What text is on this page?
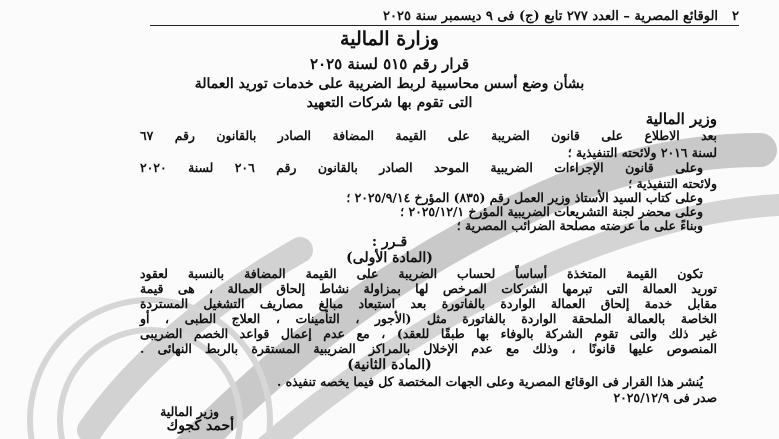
٢
الوقائع المصرية – العدد ٢٧٧ تابع (ج) فى ٩ ديسمبر سنة ٢٠٢٥
وزارة المالية
قرار رقم ٥١٥ لسنة ٢٠٢٥
بشأن وضع أسس محاسبية لربط الضريبة على خدمات توريد العمالة
التى تقوم بها شركات التعهيد
وزير المالية
بعد الاطلاع على قانون الضريبة على القيمة المضافة الصادر بالقانون رقم ٦٧
لسنة ٢٠١٦ ولائحته التنفيذية ؛
وعلى قانون الإجراءات الضريبية الموحد الصادر بالقانون رقم ٢٠٦ لسنة ٢٠٢٠
ولائحته التنفيذية ؛
وعلى كتاب السيد الأستاذ وزير العمل رقم (٨٣٥) المؤرخ ٢٠٢٥/٩/١٤ ؛
وعلى محضر لجنة التشريعات الضريبية المؤرخ ٢٠٢٥/١٢/١ ؛
وبناءً على ما عرضته مصلحة الضرائب المصرية ؛
قـرر :
(المادة الأولى)
تكون القيمة المتخذة أساساً لحساب الضريبة على القيمة المضافة بالنسبة لعقود
توريد العمالة التى تبرمها الشركات المرخص لها بمزاولة نشاط إلحاق العمالة ، هى قيمة
مقابل خدمة إلحاق العمالة الواردة بالفاتورة بعد استبعاد مبالغ مصاريف التشغيل المستردة
الخاصة بالعمالة الملحقة الواردة بالفاتورة مثل (الأجور ، التأمينات ، العلاج الطبى ، أو
غير ذلك والتى تقوم الشركة بالوفاء بها طبقًا للعقد) ، مع عدم إعمال قواعد الخصم الضريبى
المنصوص عليها قانونًا ، وذلك مع عدم الإخلال بالمراكز الضريبية المستقرة بالربط النهائى .
(المادة الثانية)
يُنشر هذا القرار فى الوقائع المصرية وعلى الجهات المختصة كل فيما يخصه تنفيذه .
صدر فى ٢٠٢٥/١٢/٩
وزير المالية
أحمد كجوك
